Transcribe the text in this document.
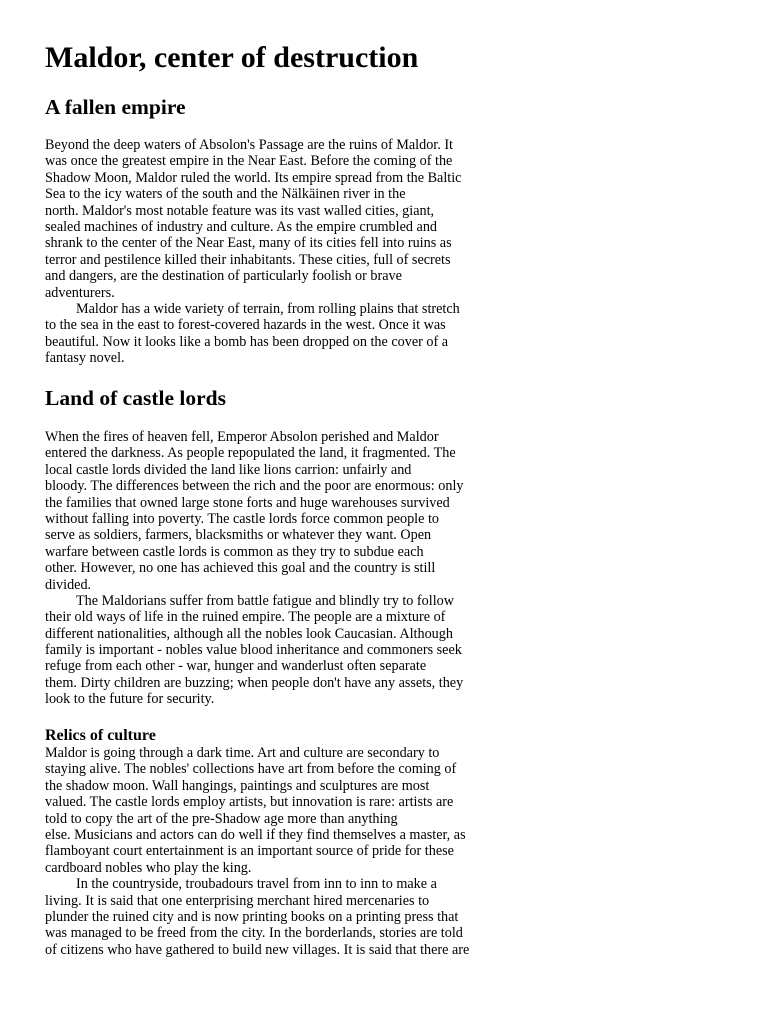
Maldor, center of destruction
A fallen empire
Beyond the deep waters of Absolon's Passage are the ruins of Maldor. It
was once the greatest empire in the Near East. Before the coming of the
Shadow Moon, Maldor ruled the world. Its empire spread from the Baltic
Sea to the icy waters of the south and the Nälkäinen river in the
north. Maldor's most notable feature was its vast walled cities, giant,
sealed machines of industry and culture. As the empire crumbled and
shrank to the center of the Near East, many of its cities fell into ruins as
terror and pestilence killed their inhabitants. These cities, full of secrets
and dangers, are the destination of particularly foolish or brave
adventurers.
Maldor has a wide variety of terrain, from rolling plains that stretch
to the sea in the east to forest-covered hazards in the west. Once it was
beautiful. Now it looks like a bomb has been dropped on the cover of a
fantasy novel.
Land of castle lords
When the fires of heaven fell, Emperor Absolon perished and Maldor
entered the darkness. As people repopulated the land, it fragmented. The
local castle lords divided the land like lions carrion: unfairly and
bloody. The differences between the rich and the poor are enormous: only
the families that owned large stone forts and huge warehouses survived
without falling into poverty. The castle lords force common people to
serve as soldiers, farmers, blacksmiths or whatever they want. Open
warfare between castle lords is common as they try to subdue each
other. However, no one has achieved this goal and the country is still
divided.
The Maldorians suffer from battle fatigue and blindly try to follow
their old ways of life in the ruined empire. The people are a mixture of
different nationalities, although all the nobles look Caucasian. Although
family is important - nobles value blood inheritance and commoners seek
refuge from each other - war, hunger and wanderlust often separate
them. Dirty children are buzzing; when people don't have any assets, they
look to the future for security.
Relics of culture
Maldor is going through a dark time. Art and culture are secondary to
staying alive. The nobles' collections have art from before the coming of
the shadow moon. Wall hangings, paintings and sculptures are most
valued. The castle lords employ artists, but innovation is rare: artists are
told to copy the art of the pre-Shadow age more than anything
else. Musicians and actors can do well if they find themselves a master, as
flamboyant court entertainment is an important source of pride for these
cardboard nobles who play the king.
In the countryside, troubadours travel from inn to inn to make a
living. It is said that one enterprising merchant hired mercenaries to
plunder the ruined city and is now printing books on a printing press that
was managed to be freed from the city. In the borderlands, stories are told
of citizens who have gathered to build new villages. It is said that there are
